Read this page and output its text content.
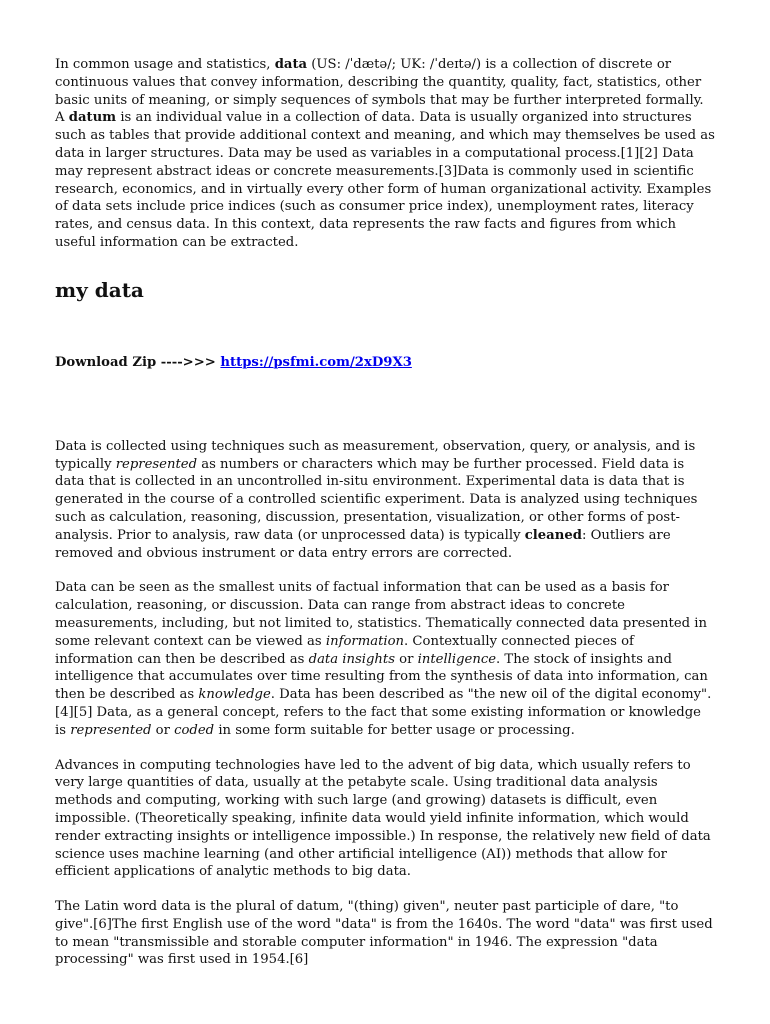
In common usage and statistics, data (US: /ˈdætə/; UK: /ˈdeɪtə/) is a collection of discrete or continuous values that convey information, describing the quantity, quality, fact, statistics, other basic units of meaning, or simply sequences of symbols that may be further interpreted formally. A datum is an individual value in a collection of data. Data is usually organized into structures such as tables that provide additional context and meaning, and which may themselves be used as data in larger structures. Data may be used as variables in a computational process.[1][2] Data may represent abstract ideas or concrete measurements.[3]Data is commonly used in scientific research, economics, and in virtually every other form of human organizational activity. Examples of data sets include price indices (such as consumer price index), unemployment rates, literacy rates, and census data. In this context, data represents the raw facts and figures from which useful information can be extracted.

my data
Download Zip ---->>> https://psfmi.com/2xD9X3

Data is collected using techniques such as measurement, observation, query, or analysis, and is typically represented as numbers or characters which may be further processed. Field data is data that is collected in an uncontrolled in-situ environment. Experimental data is data that is generated in the course of a controlled scientific experiment. Data is analyzed using techniques such as calculation, reasoning, discussion, presentation, visualization, or other forms of post-analysis. Prior to analysis, raw data (or unprocessed data) is typically cleaned: Outliers are removed and obvious instrument or data entry errors are corrected.

Data can be seen as the smallest units of factual information that can be used as a basis for calculation, reasoning, or discussion. Data can range from abstract ideas to concrete measurements, including, but not limited to, statistics. Thematically connected data presented in some relevant context can be viewed as information. Contextually connected pieces of information can then be described as data insights or intelligence. The stock of insights and intelligence that accumulates over time resulting from the synthesis of data into information, can then be described as knowledge. Data has been described as "the new oil of the digital economy".[4][5] Data, as a general concept, refers to the fact that some existing information or knowledge is represented or coded in some form suitable for better usage or processing.

Advances in computing technologies have led to the advent of big data, which usually refers to very large quantities of data, usually at the petabyte scale. Using traditional data analysis methods and computing, working with such large (and growing) datasets is difficult, even impossible. (Theoretically speaking, infinite data would yield infinite information, which would render extracting insights or intelligence impossible.) In response, the relatively new field of data science uses machine learning (and other artificial intelligence (AI)) methods that allow for efficient applications of analytic methods to big data.

The Latin word data is the plural of datum, "(thing) given", neuter past participle of dare, "to give".[6]The first English use of the word "data" is from the 1640s. The word "data" was first used to mean "transmissible and storable computer information" in 1946. The expression "data processing" was first used in 1954.[6]
